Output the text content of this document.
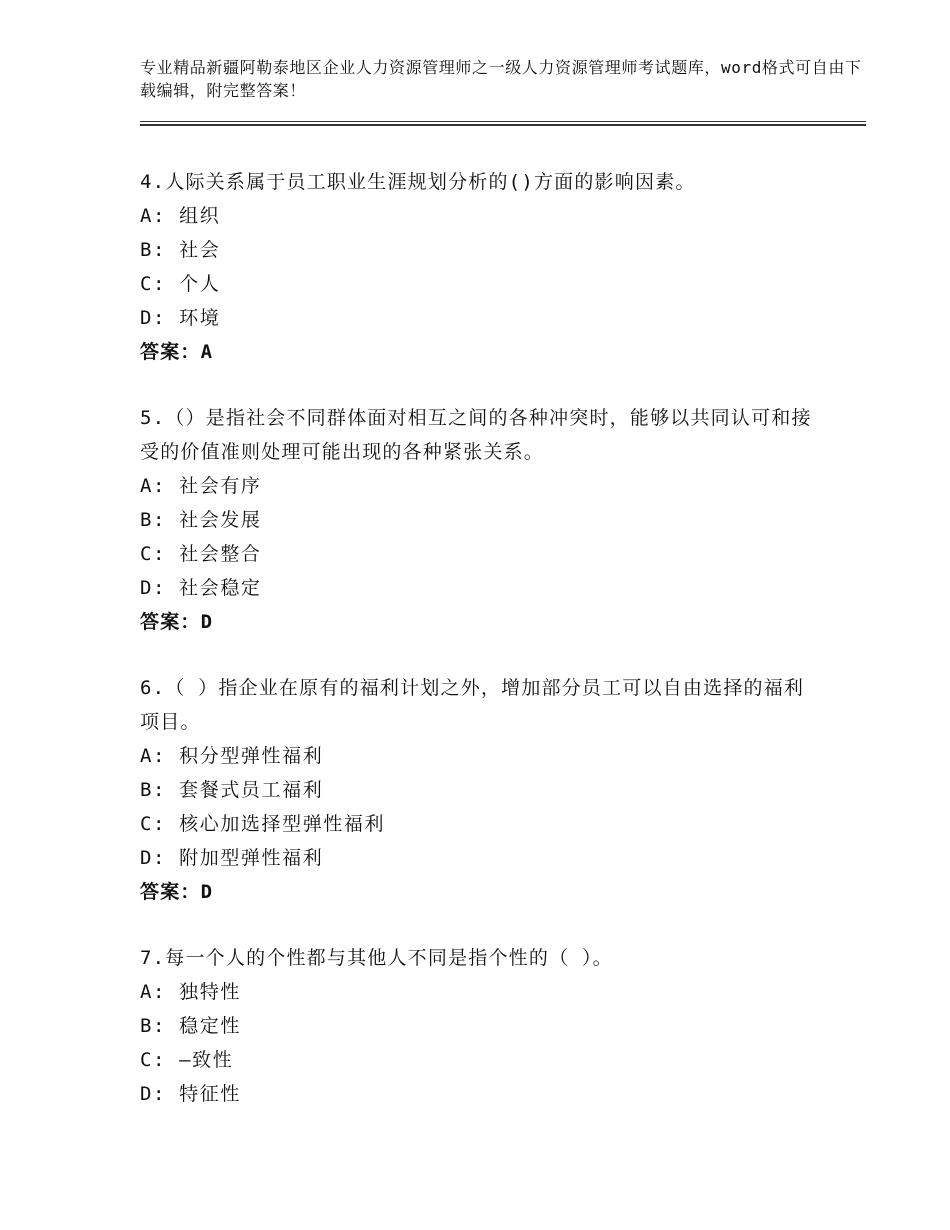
专业精品新疆阿勒泰地区企业人力资源管理师之一级人力资源管理师考试题库，word格式可自由下载编辑，附完整答案！
4.人际关系属于员工职业生涯规划分析的()方面的影响因素。
A: 组织
B: 社会
C: 个人
D: 环境
答案：A
5.（）是指社会不同群体面对相互之间的各种冲突时，能够以共同认可和接受的价值准则处理可能出现的各种紧张关系。
A: 社会有序
B: 社会发展
C: 社会整合
D: 社会稳定
答案：D
6.（ ）指企业在原有的福利计划之外，增加部分员工可以自由选择的福利项目。
A: 积分型弹性福利
B: 套餐式员工福利
C: 核心加选择型弹性福利
D: 附加型弹性福利
答案：D
7.每一个人的个性都与其他人不同是指个性的（ ）。
A: 独特性
B: 稳定性
C: —致性
D: 特征性
